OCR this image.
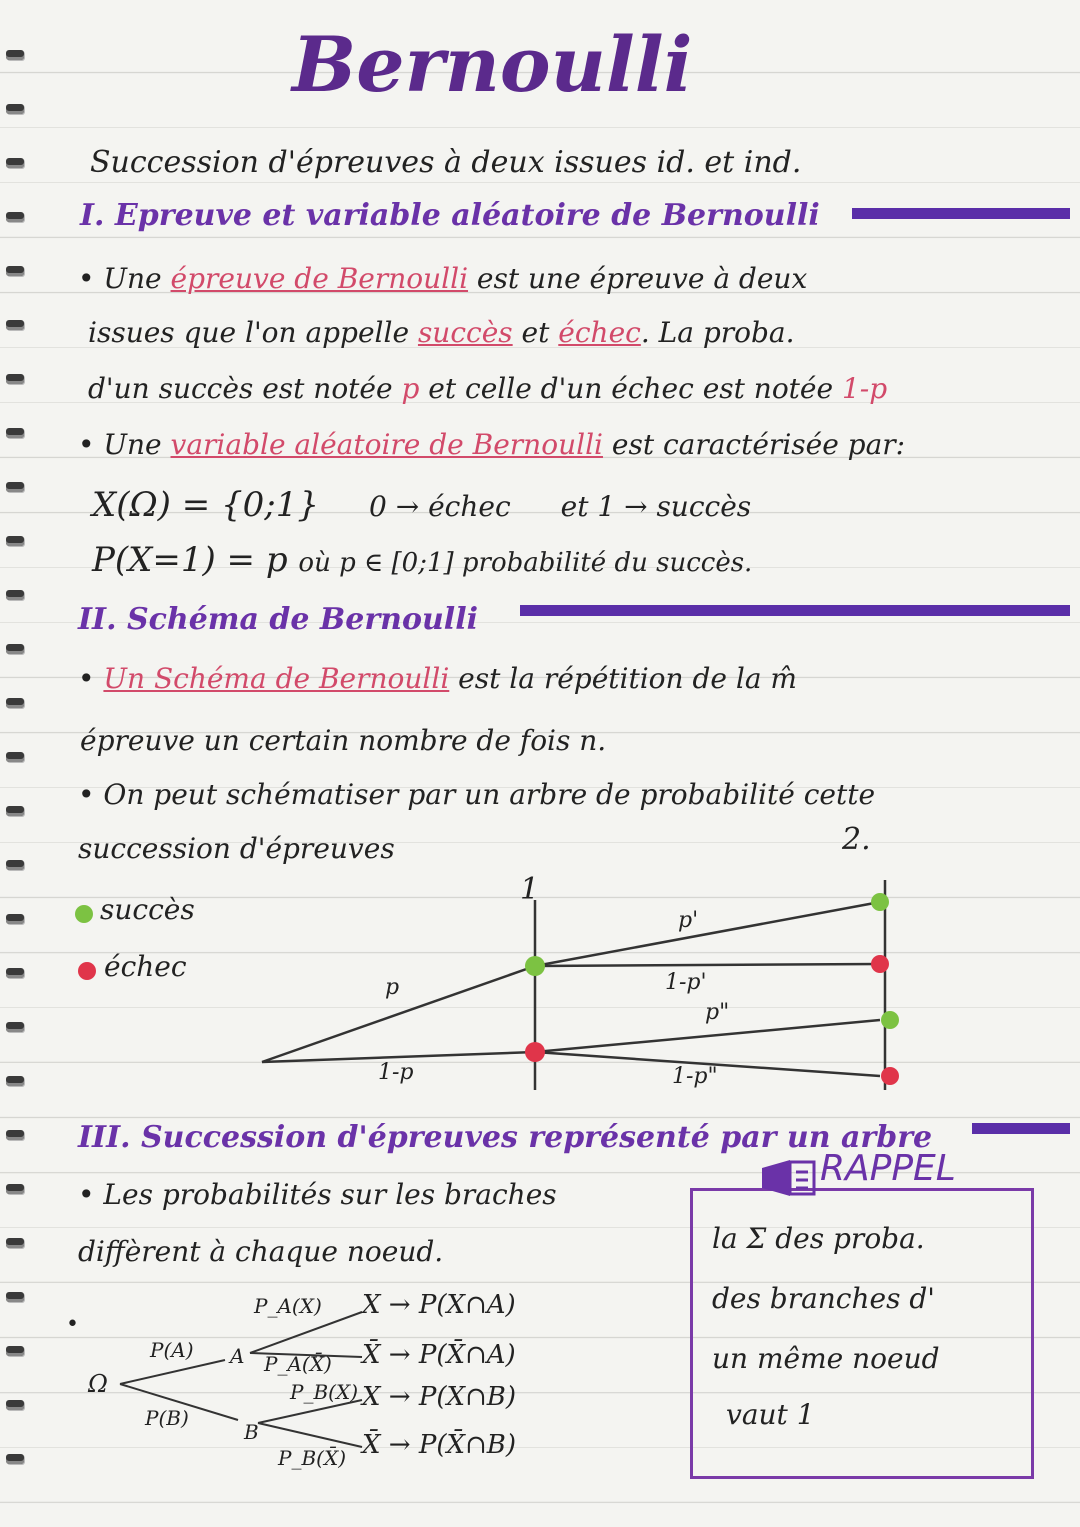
Bernoulli
Succession d'épreuves à deux issues id. et ind.
I. Epreuve et variable aléatoire de Bernoulli
• Une épreuve de Bernoulli est une épreuve à deux
issues que l'on appelle succès et échec. La proba.
d'un succès est notée p et celle d'un échec est notée 1-p
• Une variable aléatoire de Bernoulli est caractérisée par:
X(Ω) = {0;1} 0 → échec et 1 → succès
P(X=1) = p où p ∈ [0;1] probabilité du succès.
II. Schéma de Bernoulli
• Un Schéma de Bernoulli est la répétition de la m̂
épreuve un certain nombre de fois n.
• On peut schématiser par un arbre de probabilité cette
succession d'épreuves
succès
échec
1
2.
p
1-p
p'
1-p'
p"
1-p"
III. Succession d'épreuves représenté par un arbre
• Les probabilités sur les braches
diffèrent à chaque noeud.
RAPPEL
la Σ des proba.
des branches d'
un même noeud
vaut 1
•
Ω
P(A)
P(B)
A
B
P_A(X)
P_A(X̄)
P_B(X)
P_B(X̄)
X → P(X∩A)
X̄ → P(X̄∩A)
X → P(X∩B)
X̄ → P(X̄∩B)
